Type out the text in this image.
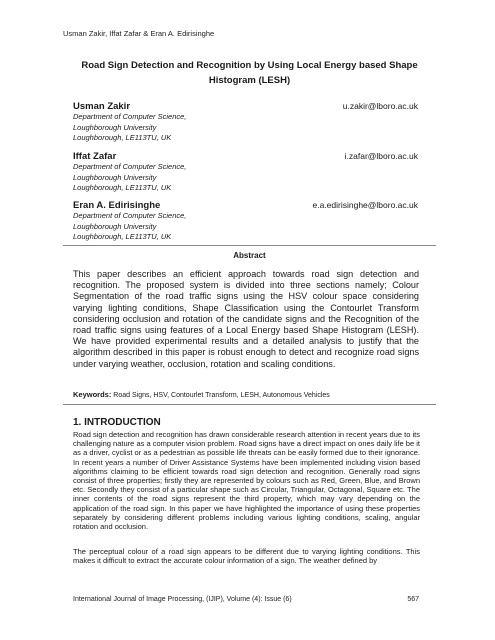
Usman Zakir, Iffat Zafar & Eran A. Edirisinghe
Road Sign Detection and Recognition by Using Local Energy based Shape
Histogram (LESH)
Usman Zakir	u.zakir@lboro.ac.uk
Department of Computer Science,
Loughborough University
Loughborough, LE113TU, UK
Iffat Zafar	i.zafar@lboro.ac.uk
Department of Computer Science,
Loughborough University
Loughborough, LE113TU, UK
Eran A. Edirisinghe	e.a.edirisinghe@lboro.ac.uk
Department of Computer Science,
Loughborough University
Loughborough, LE113TU, UK
Abstract
This paper describes an efficient approach towards road sign detection and recognition. The proposed system is divided into three sections namely; Colour Segmentation of the road traffic signs using the HSV colour space considering varying lighting conditions, Shape Classification using the Contourlet Transform considering occlusion and rotation of the candidate signs and the Recognition of the road traffic signs using features of a Local Energy based Shape Histogram (LESH). We have provided experimental results and a detailed analysis to justify that the algorithm described in this paper is robust enough to detect and recognize road signs under varying weather, occlusion, rotation and scaling conditions.
Keywords: Road Signs, HSV, Contourlet Transform, LESH, Autonomous Vehicles
1. INTRODUCTION
Road sign detection and recognition has drawn considerable research attention in recent years due to its challenging nature as a computer vision problem. Road signs have a direct impact on ones daily life be it as a driver, cyclist or as a pedestrian as possible life threats can be easily formed due to their ignorance. In recent years a number of Driver Assistance Systems have been implemented including vision based algorithms claiming to be efficient towards road sign detection and recognition. Generally road signs consist of three properties; firstly they are represented by colours such as Red, Green, Blue, and Brown etc. Secondly they consist of a particular shape such as Circular, Triangular, Octagonal, Square etc. The inner contents of the road signs represent the third property, which may vary depending on the application of the road sign. In this paper we have highlighted the importance of using these properties separately by considering different problems including various lighting conditions, scaling, angular rotation and occlusion.
The perceptual colour of a road sign appears to be different due to varying lighting conditions. This makes it difficult to extract the accurate colour information of a sign. The weather defined by
International Journal of Image Processing, (IJIP), Volume (4): Issue (6)	567
